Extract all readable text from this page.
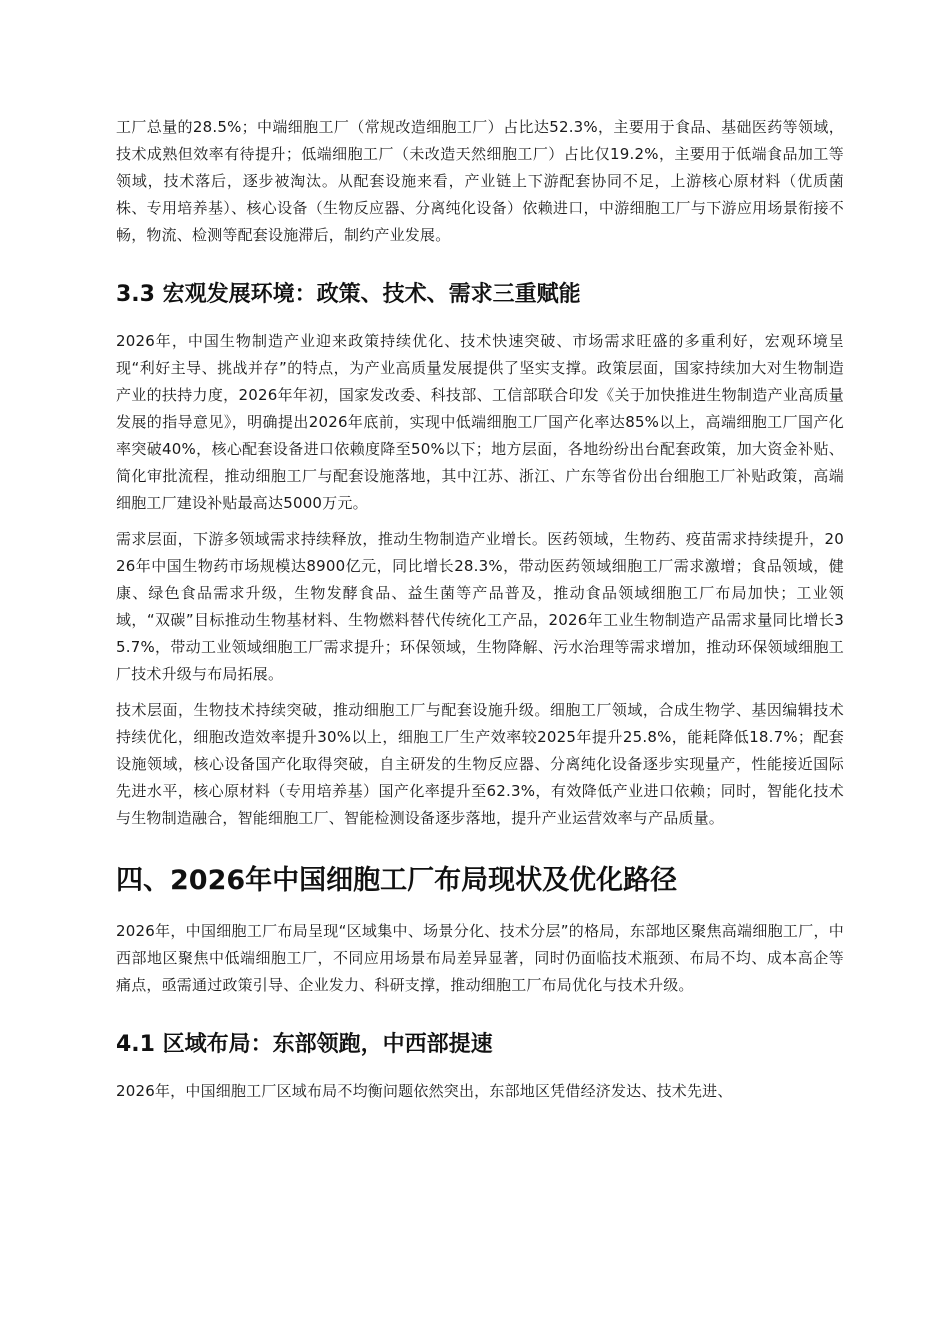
工厂总量的28.5%；中端细胞工厂（常规改造细胞工厂）占比达52.3%，主要用于食品、基础医药等领域，技术成熟但效率有待提升；低端细胞工厂（未改造天然细胞工厂）占比仅19.2%，主要用于低端食品加工等领域，技术落后，逐步被淘汰。从配套设施来看，产业链上下游配套协同不足，上游核心原材料（优质菌株、专用培养基）、核心设备（生物反应器、分离纯化设备）依赖进口，中游细胞工厂与下游应用场景衔接不畅，物流、检测等配套设施滞后，制约产业发展。

3.3 宏观发展环境：政策、技术、需求三重赋能

2026年，中国生物制造产业迎来政策持续优化、技术快速突破、市场需求旺盛的多重利好，宏观环境呈现“利好主导、挑战并存”的特点，为产业高质量发展提供了坚实支撑。政策层面，国家持续加大对生物制造产业的扶持力度，2026年年初，国家发改委、科技部、工信部联合印发《关于加快推进生物制造产业高质量发展的指导意见》，明确提出2026年底前，实现中低端细胞工厂国产化率达85%以上，高端细胞工厂国产化率突破40%，核心配套设备进口依赖度降至50%以下；地方层面，各地纷纷出台配套政策，加大资金补贴、简化审批流程，推动细胞工厂与配套设施落地，其中江苏、浙江、广东等省份出台细胞工厂补贴政策，高端细胞工厂建设补贴最高达5000万元。

需求层面，下游多领域需求持续释放，推动生物制造产业增长。医药领域，生物药、疫苗需求持续提升，2026年中国生物药市场规模达8900亿元，同比增长28.3%，带动医药领域细胞工厂需求激增；食品领域，健康、绿色食品需求升级，生物发酵食品、益生菌等产品普及，推动食品领域细胞工厂布局加快；工业领域，“双碳”目标推动生物基材料、生物燃料替代传统化工产品，2026年工业生物制造产品需求量同比增长35.7%，带动工业领域细胞工厂需求提升；环保领域，生物降解、污水治理等需求增加，推动环保领域细胞工厂技术升级与布局拓展。

技术层面，生物技术持续突破，推动细胞工厂与配套设施升级。细胞工厂领域，合成生物学、基因编辑技术持续优化，细胞改造效率提升30%以上，细胞工厂生产效率较2025年提升25.8%，能耗降低18.7%；配套设施领域，核心设备国产化取得突破，自主研发的生物反应器、分离纯化设备逐步实现量产，性能接近国际先进水平，核心原材料（专用培养基）国产化率提升至62.3%，有效降低产业进口依赖；同时，智能化技术与生物制造融合，智能细胞工厂、智能检测设备逐步落地，提升产业运营效率与产品质量。

四、2026年中国细胞工厂布局现状及优化路径

2026年，中国细胞工厂布局呈现“区域集中、场景分化、技术分层”的格局，东部地区聚焦高端细胞工厂，中西部地区聚焦中低端细胞工厂，不同应用场景布局差异显著，同时仍面临技术瓶颈、布局不均、成本高企等痛点，亟需通过政策引导、企业发力、科研支撑，推动细胞工厂布局优化与技术升级。

4.1 区域布局：东部领跑，中西部提速

2026年，中国细胞工厂区域布局不均衡问题依然突出，东部地区凭借经济发达、技术先进、
